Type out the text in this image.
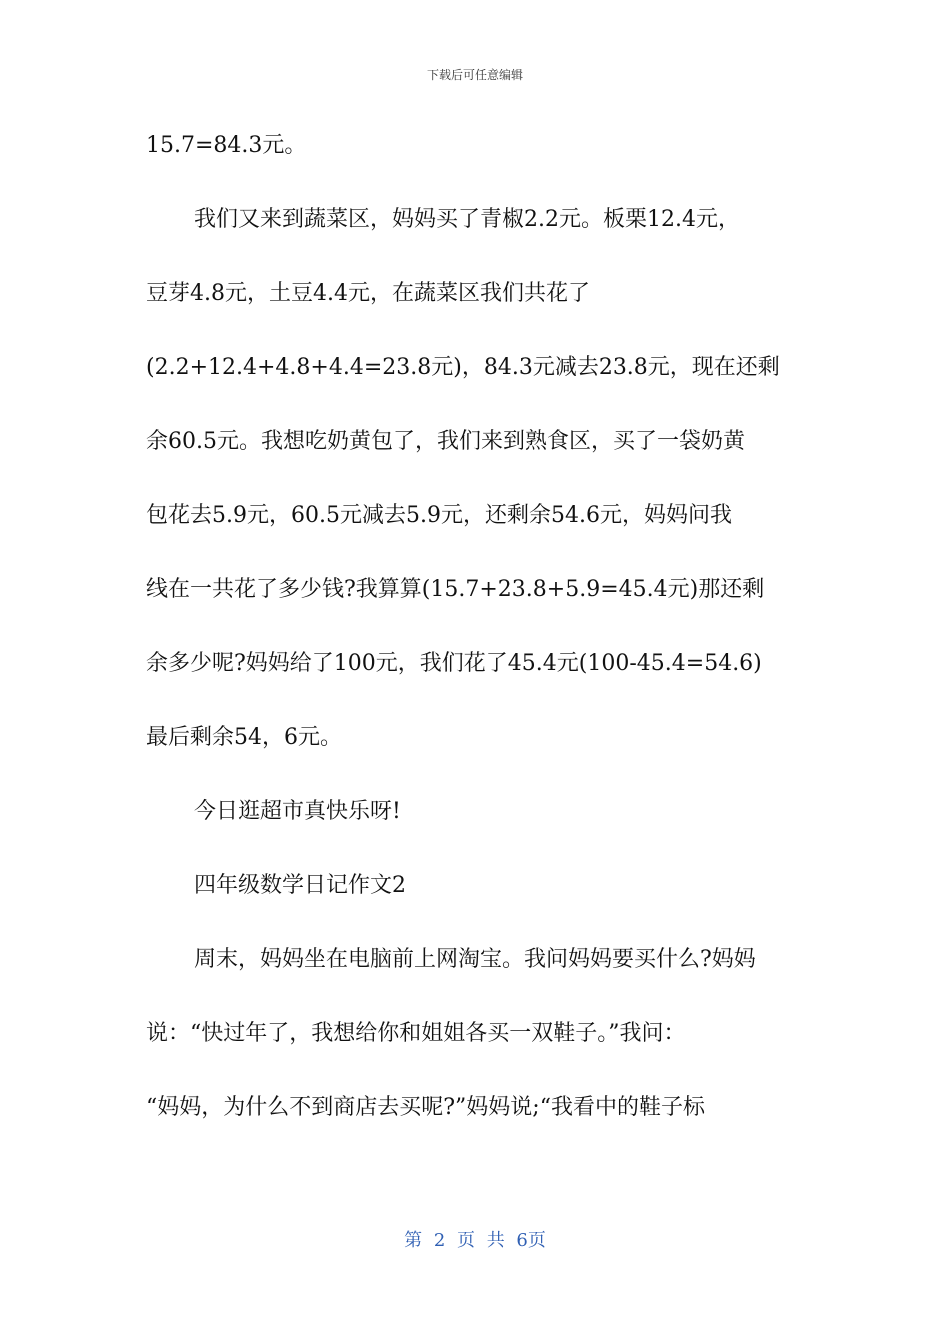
下载后可任意编辑
15.7=84.3元。
我们又来到蔬菜区，妈妈买了青椒2.2元。板栗12.4元，
豆芽4.8元，土豆4.4元，在蔬菜区我们共花了
(2.2+12.4+4.8+4.4=23.8元)，84.3元减去23.8元，现在还剩
余60.5元。我想吃奶黄包了，我们来到熟食区，买了一袋奶黄
包花去5.9元，60.5元减去5.9元，还剩余54.6元，妈妈问我
线在一共花了多少钱?我算算(15.7+23.8+5.9=45.4元)那还剩
余多少呢?妈妈给了100元，我们花了45.4元(100-45.4=54.6)
最后剩余54，6元。
今日逛超市真快乐呀!
四年级数学日记作文2
周末，妈妈坐在电脑前上网淘宝。我问妈妈要买什么?妈妈
说：“快过年了，我想给你和姐姐各买一双鞋子。”我问：
“妈妈，为什么不到商店去买呢?”妈妈说;“我看中的鞋子标
第 2 页 共 6页
